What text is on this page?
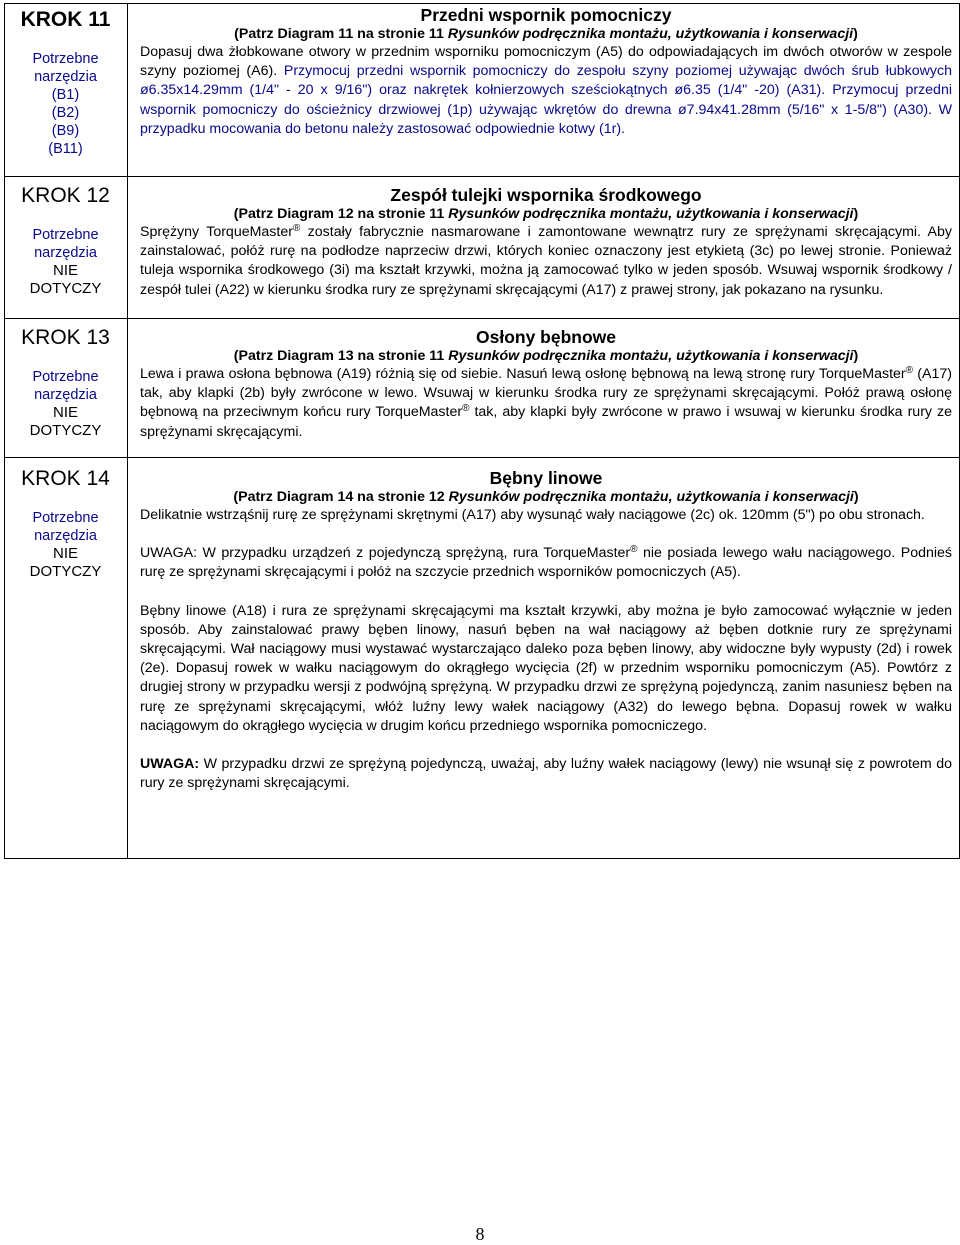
KROK 11
Potrzebne narzędzia
(B1)
(B2)
(B9)
(B11)
Przedni wspornik pomocniczy
(Patrz Diagram 11 na stronie 11 Rysunków podręcznika montażu, użytkowania i konserwacji)

Dopasuj dwa żłobkowane otwory w przednim wsporniku pomocniczym (A5) do odpowiadających im dwóch otworów w zespole szyny poziomej (A6). Przymocuj przedni wspornik pomocniczy do zespołu szyny poziomej używając dwóch śrub łubkowych ø6.35x14.29mm (1/4" - 20 x 9/16") oraz nakrętek kołnierzowych sześciokątnych ø6.35 (1/4" -20) (A31). Przymocuj przedni wspornik pomocniczy do ościeżnicy drzwiowej (1p) używając wkrętów do drewna ø7.94x41.28mm (5/16" x 1-5/8") (A30). W przypadku mocowania do betonu należy zastosować odpowiednie kotwy (1r).

KROK 12
Potrzebne narzędzia
NIE
DOTYCZY
Zespół tulejki wspornika środkowego
(Patrz Diagram 12 na stronie 11 Rysunków podręcznika montażu, użytkowania i konserwacji)

Sprężyny TorqueMaster® zostały fabrycznie nasmarowane i zamontowane wewnątrz rury ze sprężynami skręcającymi. Aby zainstalować, połóż rurę na podłodze naprzeciw drzwi, których koniec oznaczony jest etykietą (3c) po lewej stronie. Ponieważ tuleja wspornika środkowego (3i) ma kształt krzywki, można ją zamocować tylko w jeden sposób. Wsuwaj wspornik środkowy / zespół tulei (A22) w kierunku środka rury ze sprężynami skręcającymi (A17) z prawej strony, jak pokazano na rysunku.

KROK 13
Potrzebne narzędzia
NIE
DOTYCZY
Osłony bębnowe
(Patrz Diagram 13 na stronie 11 Rysunków podręcznika montażu, użytkowania i konserwacji)

Lewa i prawa osłona bębnowa (A19) różnią się od siebie. Nasuń lewą osłonę bębnową na lewą stronę rury TorqueMaster® (A17) tak, aby klapki (2b) były zwrócone w lewo. Wsuwaj w kierunku środka rury ze sprężynami skręcającymi. Połóż prawą osłonę bębnową na przeciwnym końcu rury TorqueMaster® tak, aby klapki były zwrócone w prawo i wsuwaj w kierunku środka rury ze sprężynami skręcającymi.

KROK 14
Potrzebne narzędzia
NIE
DOTYCZY
Bębny linowe
(Patrz Diagram 14 na stronie 12 Rysunków podręcznika montażu, użytkowania i konserwacji)

Delikatnie wstrząśnij rurę ze sprężynami skrętnymi (A17) aby wysunąć wały naciągowe (2c) ok. 120mm (5") po obu stronach.

UWAGA: W przypadku urządzeń z pojedynczą sprężyną, rura TorqueMaster® nie posiada lewego wału naciągowego. Podnieś rurę ze sprężynami skręcającymi i połóż na szczycie przednich wsporników pomocniczych (A5).

Bębny linowe (A18) i rura ze sprężynami skręcającymi ma kształt krzywki, aby można je było zamocować wyłącznie w jeden sposób. Aby zainstalować prawy bęben linowy, nasuń bęben na wał naciągowy aż bęben dotknie rury ze sprężynami skręcającymi. Wał naciągowy musi wystawać wystarczająco daleko poza bęben linowy, aby widoczne były wypusty (2d) i rowek (2e). Dopasuj rowek w wałku naciągowym do okrągłego wycięcia (2f) w przednim wsporniku pomocniczym (A5). Powtórz z drugiej strony w przypadku wersji z podwójną sprężyną. W przypadku drzwi ze sprężyną pojedynczą, zanim nasuniesz bęben na rurę ze sprężynami skręcającymi, włóż luźny lewy wałek naciągowy (A32) do lewego bębna. Dopasuj rowek w wałku naciągowym do okrągłego wycięcia w drugim końcu przedniego wspornika pomocniczego.

UWAGA: W przypadku drzwi ze sprężyną pojedynczą, uważaj, aby luźny wałek naciągowy (lewy) nie wsunął się z powrotem do rury ze sprężynami skręcającymi.

8
